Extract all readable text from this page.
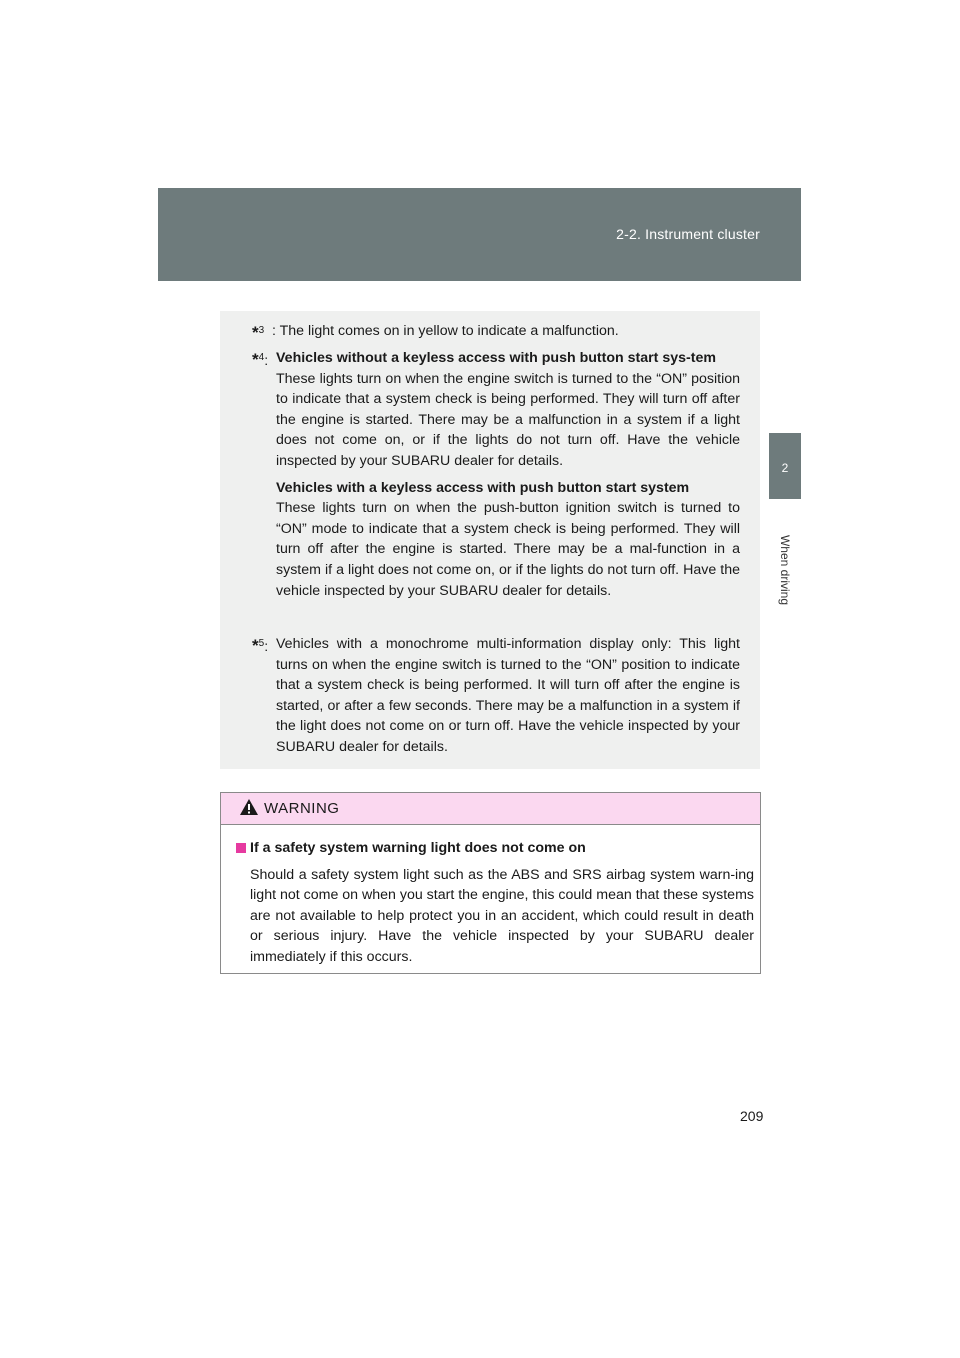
2-2. Instrument cluster
2
When driving
*$^3$ : The light comes on in yellow to indicate a malfunction.

*$^4$: Vehicles without a keyless access with push button start sys-tem

These lights turn on when the engine switch is turned to the “ON” position to indicate that a system check is being performed. They will turn off after the engine is started. There may be a malfunction in a system if a light does not come on, or if the lights do not turn off. Have the vehicle inspected by your SUBARU dealer for details.

Vehicles with a keyless access with push button start system

These lights turn on when the push-button ignition switch is turned to “ON” mode to indicate that a system check is being performed. They will turn off after the engine is started. There may be a mal-function in a system if a light does not come on, or if the lights do not turn off. Have the vehicle inspected by your SUBARU dealer for details.

*$^5$: Vehicles with a monochrome multi-information display only: This light turns on when the engine switch is turned to the “ON” position to indicate that a system check is being performed. It will turn off after the engine is started, or after a few seconds. There may be a malfunction in a system if the light does not come on or turn off. Have the vehicle inspected by your SUBARU dealer for details.

WARNING
If a safety system warning light does not come on

Should a safety system light such as the ABS and SRS airbag system warn-ing light not come on when you start the engine, this could mean that these systems are not available to help protect you in an accident, which could result in death or serious injury. Have the vehicle inspected by your SUBARU dealer immediately if this occurs.

209
